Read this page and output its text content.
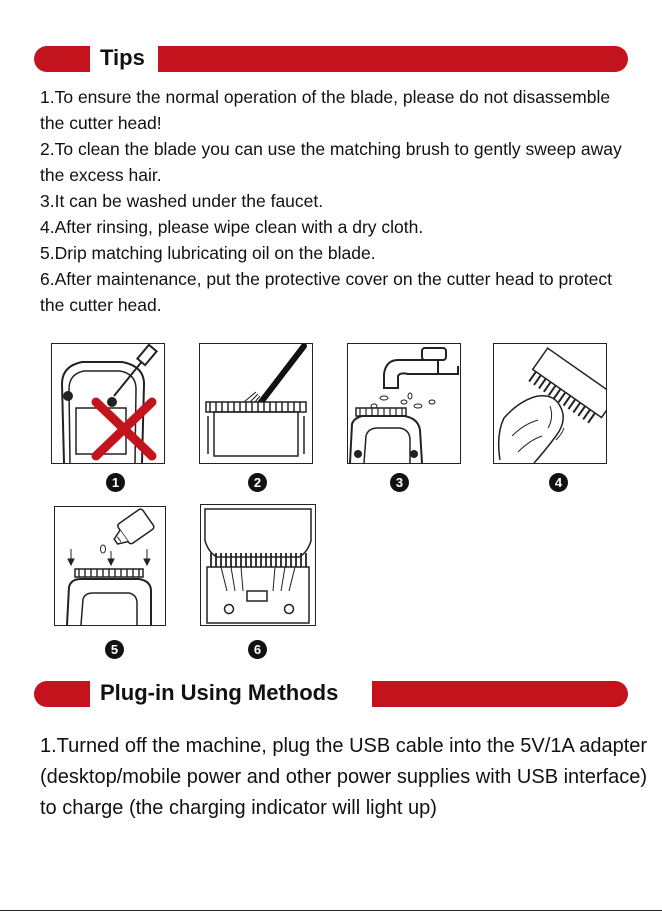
Tips

1.To ensure the normal operation of the blade, please do not disassemble the cutter head!

2.To clean the blade you can use the matching brush to gently sweep away the excess hair.

3.It can be washed under the faucet.

4.After rinsing, please wipe clean with a dry cloth.

5.Drip matching lubricating oil on the blade.

6.After maintenance, put the protective cover on the cutter head to protect the cutter head.

1	2	3	4
5	6
Plug-in Using Methods

1.Turned off the machine, plug the USB cable into the 5V/1A adapter (desktop/mobile power and other power supplies with USB interface) to charge (the charging indicator will light up)
